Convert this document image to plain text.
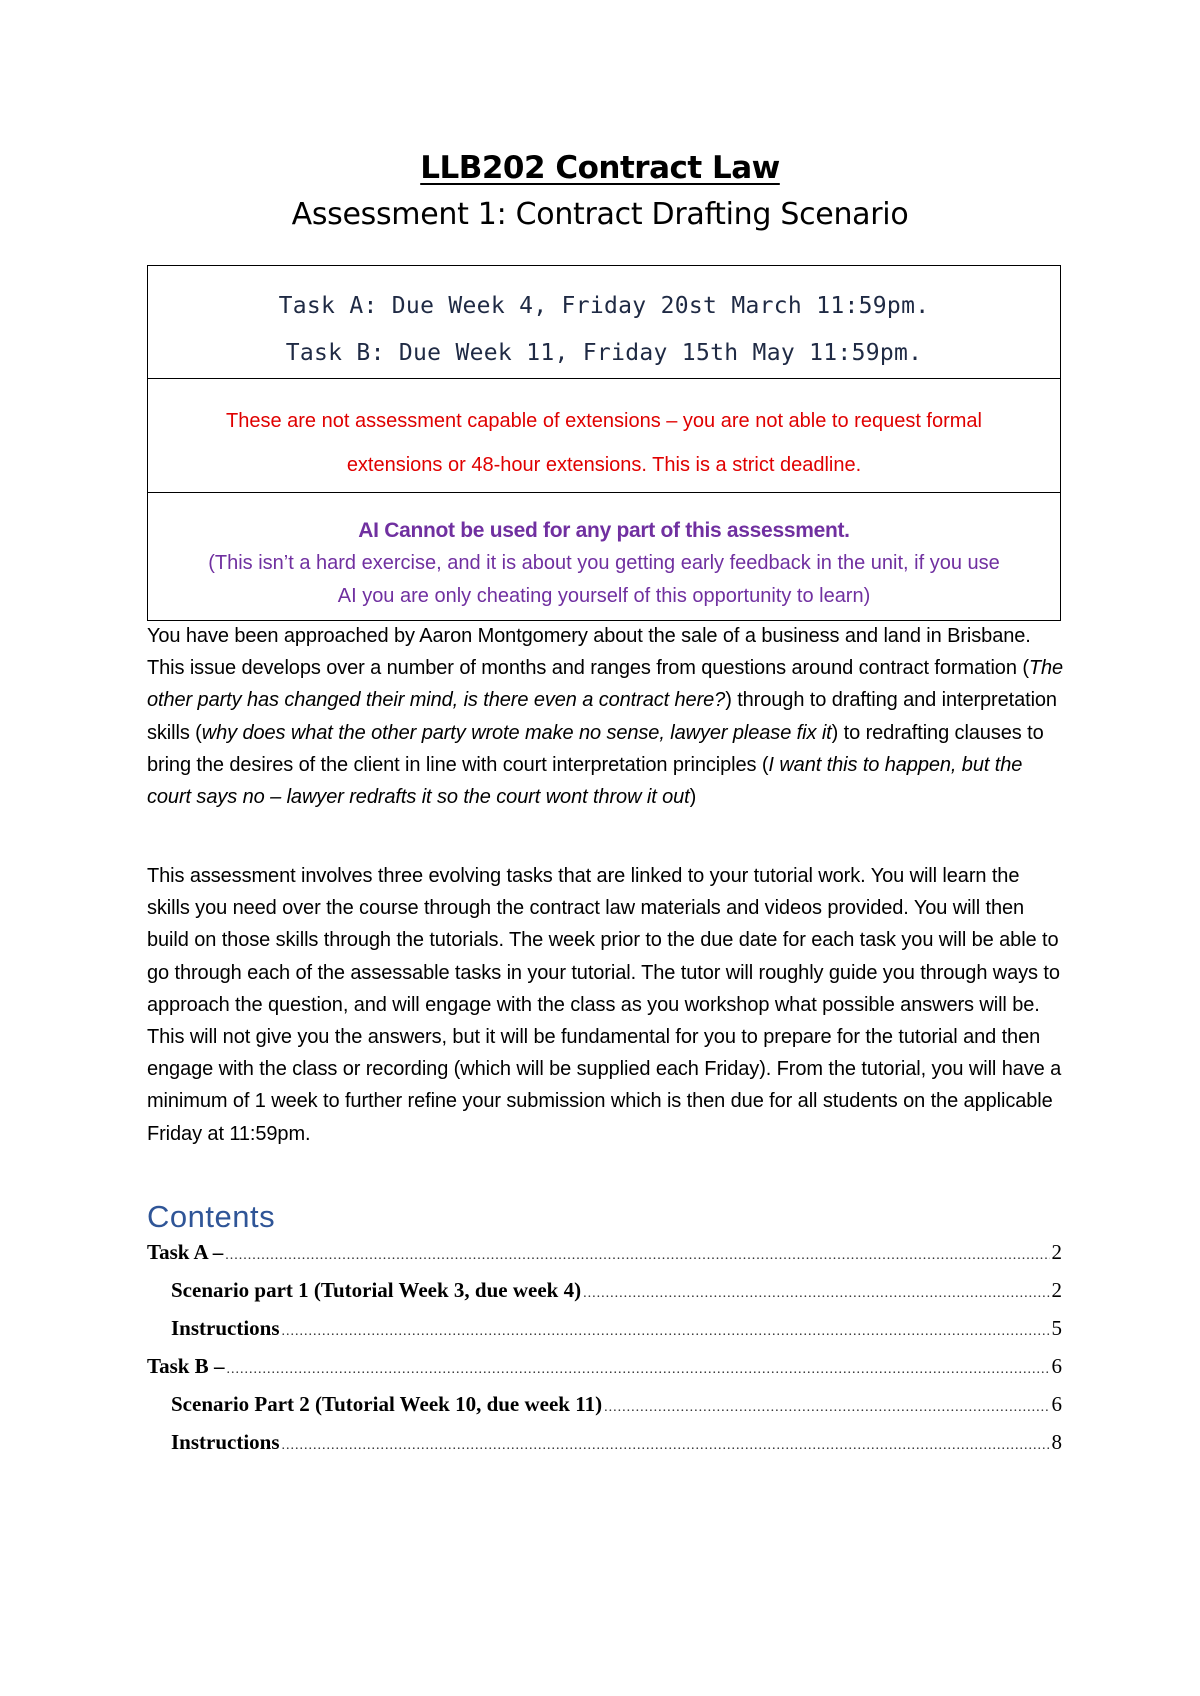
LLB202 Contract Law
Assessment 1: Contract Drafting Scenario
Task A: Due Week 4, Friday 20st March 11:59pm.
Task B: Due Week 11, Friday 15th May 11:59pm.
These are not assessment capable of extensions – you are not able to request formal
extensions or 48-hour extensions. This is a strict deadline.
AI Cannot be used for any part of this assessment.
(This isn’t a hard exercise, and it is about you getting early feedback in the unit, if you use
AI you are only cheating yourself of this opportunity to learn)

You have been approached by Aaron Montgomery about the sale of a business and land in Brisbane. This issue develops over a number of months and ranges from questions around contract formation (The other party has changed their mind, is there even a contract here?) through to drafting and interpretation skills (why does what the other party wrote make no sense, lawyer please fix it) to redrafting clauses to bring the desires of the client in line with court interpretation principles (I want this to happen, but the court says no – lawyer redrafts it so the court wont throw it out)

This assessment involves three evolving tasks that are linked to your tutorial work. You will learn the skills you need over the course through the contract law materials and videos provided. You will then build on those skills through the tutorials. The week prior to the due date for each task you will be able to go through each of the assessable tasks in your tutorial. The tutor will roughly guide you through ways to approach the question, and will engage with the class as you workshop what possible answers will be. This will not give you the answers, but it will be fundamental for you to prepare for the tutorial and then engage with the class or recording (which will be supplied each Friday). From the tutorial, you will have a minimum of 1 week to further refine your submission which is then due for all students on the applicable Friday at 11:59pm.

Contents
Task A – .....	2
Scenario part 1 (Tutorial Week 3, due week 4) .....	2
Instructions .....	5
Task B – .....	6
Scenario Part 2 (Tutorial Week 10, due week 11) .....	6
Instructions .....	8
